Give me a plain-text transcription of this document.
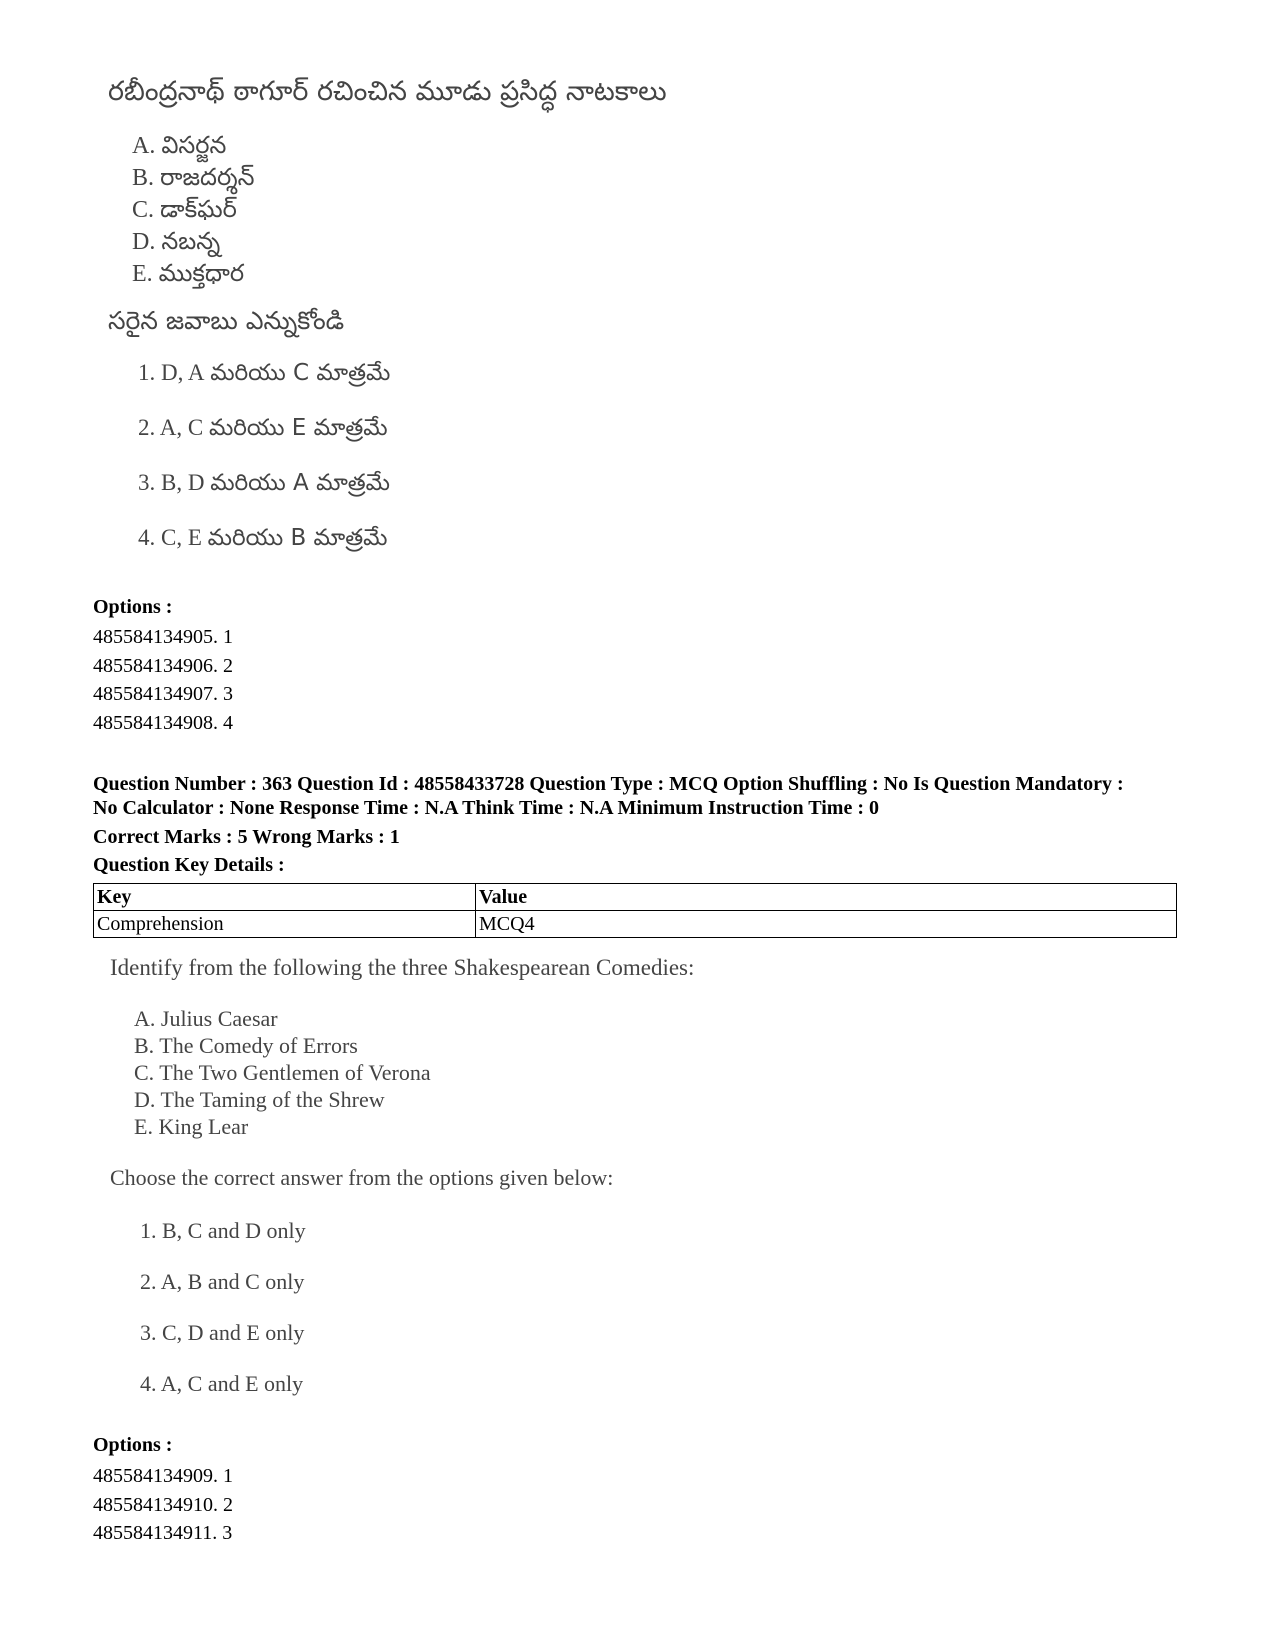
రబీంద్రనాథ్ ఠాగూర్ రచించిన మూడు ప్రసిద్ధ నాటకాలు
A. విసర్జన
B. రాజదర్శన్
C. డాక్‌ఘర్
D. నబన్న
E. ముక్తధార
సరైన జవాబు ఎన్నుకోండి
1. D, A మరియు C మాత్రమే
2. A, C మరియు E మాత్రమే
3. B, D మరియు A మాత్రమే
4. C, E మరియు B మాత్రమే
Options :
485584134905. 1
485584134906. 2
485584134907. 3
485584134908. 4
Question Number : 363 Question Id : 48558433728 Question Type : MCQ Option Shuffling : No Is Question Mandatory :
No Calculator : None Response Time : N.A Think Time : N.A Minimum Instruction Time : 0
Correct Marks : 5 Wrong Marks : 1
Question Key Details :
Key	Value
Comprehension	MCQ4
Identify from the following the three Shakespearean Comedies:
A. Julius Caesar
B. The Comedy of Errors
C. The Two Gentlemen of Verona
D. The Taming of the Shrew
E. King Lear
Choose the correct answer from the options given below:
1. B, C and D only
2. A, B and C only
3. C, D and E only
4. A, C and E only
Options :
485584134909. 1
485584134910. 2
485584134911. 3
